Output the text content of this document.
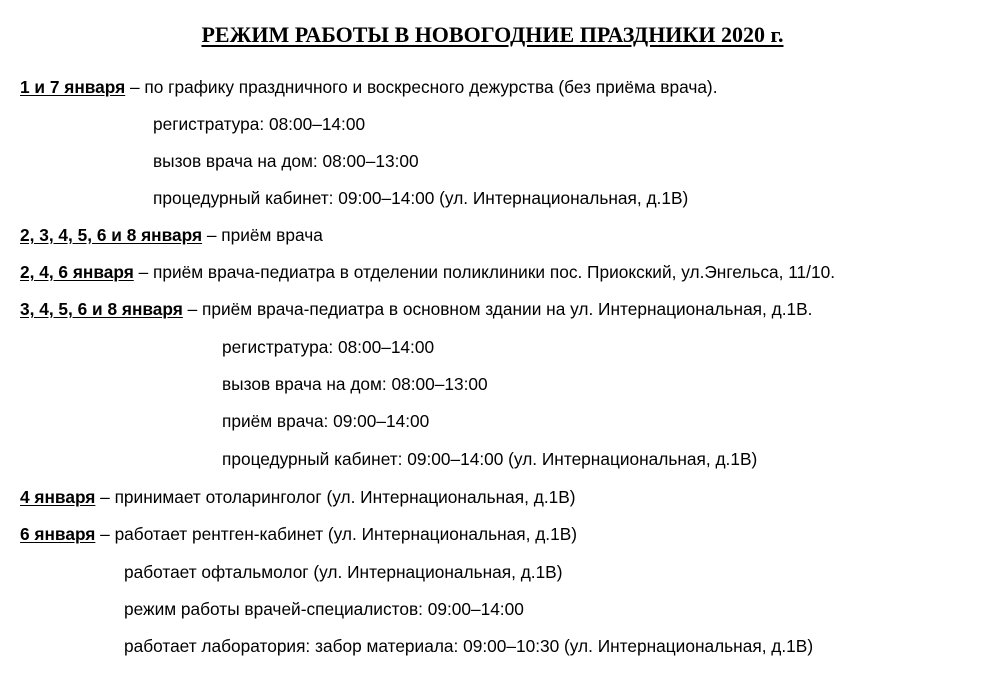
РЕЖИМ РАБОТЫ В НОВОГОДНИЕ ПРАЗДНИКИ 2020 г.
1 и 7 января – по графику праздничного и воскресного дежурства (без приёма врача).
регистратура: 08:00–14:00
вызов врача на дом: 08:00–13:00
процедурный кабинет: 09:00–14:00 (ул. Интернациональная, д.1В)
2, 3, 4, 5, 6 и 8 января – приём врача
2, 4, 6 января – приём врача-педиатра в отделении поликлиники пос. Приокский, ул.Энгельса, 11/10.
3, 4, 5, 6 и 8 января – приём врача-педиатра в основном здании на ул. Интернациональная, д.1В.
регистратура: 08:00–14:00
вызов врача на дом: 08:00–13:00
приём врача: 09:00–14:00
процедурный кабинет: 09:00–14:00 (ул. Интернациональная, д.1В)
4 января – принимает отоларинголог (ул. Интернациональная, д.1В)
6 января – работает рентген-кабинет (ул. Интернациональная, д.1В)
работает офтальмолог (ул. Интернациональная, д.1В)
режим работы врачей-специалистов: 09:00–14:00
работает лаборатория: забор материала: 09:00–10:30 (ул. Интернациональная, д.1В)
